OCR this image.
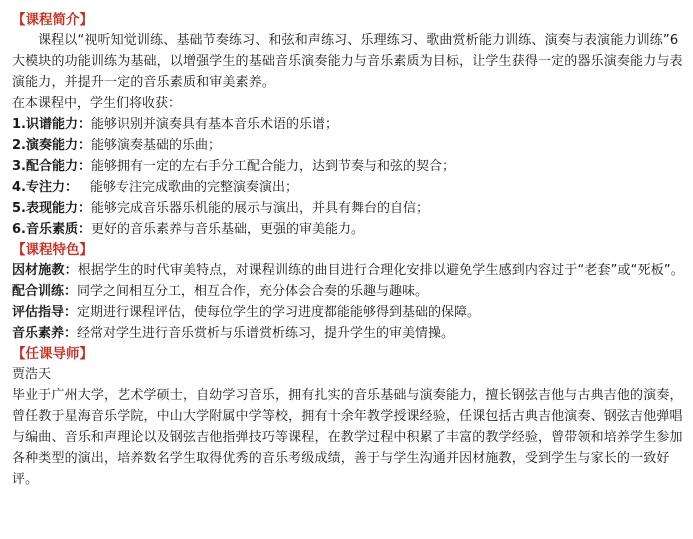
【课程简介】
课程以“视听知觉训练、基础节奏练习、和弦和声练习、乐理练习、歌曲赏析能力训练、演奏与表演能力训练”6 大模块的功能训练为基础，以增强学生的基础音乐演奏能力与音乐素质为目标，让学生获得一定的器乐演奏能力与表演能力，并提升一定的音乐素质和审美素养。
在本课程中，学生们将收获：
1.识谱能力：能够识别并演奏具有基本音乐术语的乐谱；
2.演奏能力：能够演奏基础的乐曲；
3.配合能力：能够拥有一定的左右手分工配合能力，达到节奏与和弦的契合；
4.专注力： 能够专注完成歌曲的完整演奏演出；
5.表现能力：能够完成音乐器乐机能的展示与演出，并具有舞台的自信；
6.音乐素质：更好的音乐素养与音乐基础，更强的审美能力。
【课程特色】
因材施教：根据学生的时代审美特点，对课程训练的曲目进行合理化安排以避免学生感到内容过于“老套”或“死板”。
配合训练：同学之间相互分工，相互合作，充分体会合奏的乐趣与趣味。
评估指导：定期进行课程评估，使每位学生的学习进度都能能够得到基础的保障。
音乐素养：经常对学生进行音乐赏析与乐谱赏析练习，提升学生的审美情操。
【任课导师】
贾浩天
毕业于广州大学，艺术学硕士，自幼学习音乐，拥有扎实的音乐基础与演奏能力，擅长钢弦吉他与古典吉他的演奏，曾任教于星海音乐学院，中山大学附属中学等校，拥有十余年教学授课经验，任课包括古典吉他演奏、钢弦吉他弹唱与编曲、音乐和声理论以及钢弦吉他指弹技巧等课程，在教学过程中积累了丰富的教学经验，曾带领和培养学生参加各种类型的演出，培养数名学生取得优秀的音乐考级成绩，善于与学生沟通并因材施教，受到学生与家长的一致好评。
